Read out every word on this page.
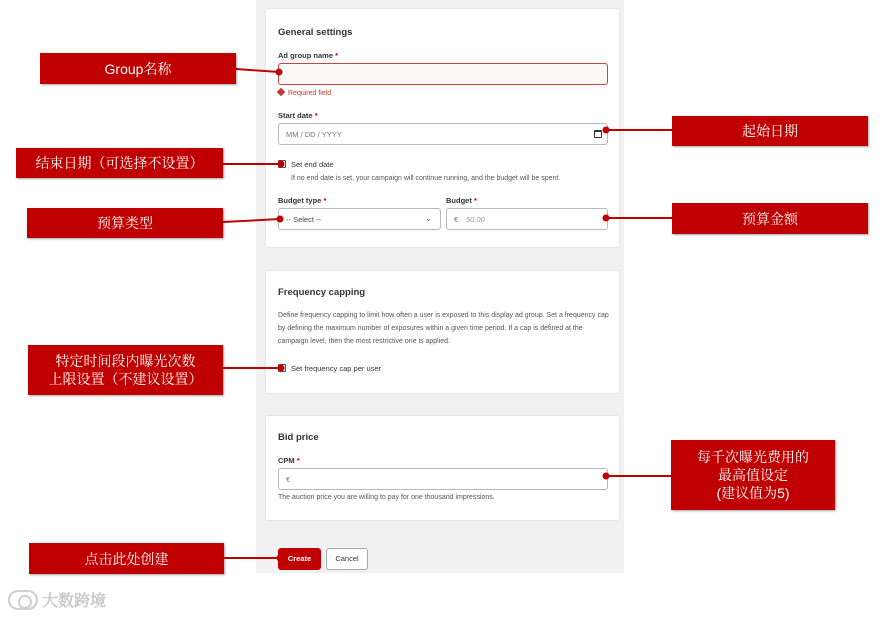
General settings
Ad group name *
Required field
Start date *
MM / DD / YYYY
Set end date
If no end date is set, your campaign will continue running, and the budget will be spent.
Budget type *
-- Select --	⌄
Budget *
€ 50.00
Frequency capping
Define frequency capping to limit how often a user is exposed to this display ad group. Set a frequency cap by defining the maximum number of exposures within a given time period. If a cap is defined at the campaign level, then the most restrictive one is applied.
Set frequency cap per user
Bid price
CPM *
€
The auction price you are willing to pay for one thousand impressions.
Create	Cancel
Group名称
结束日期（可选择不设置）
预算类型
特定时间段内曝光次数
上限设置（不建议设置）
点击此处创建
起始日期
预算金额
每千次曝光费用的
最高值设定
(建议值为5)
大数跨境
